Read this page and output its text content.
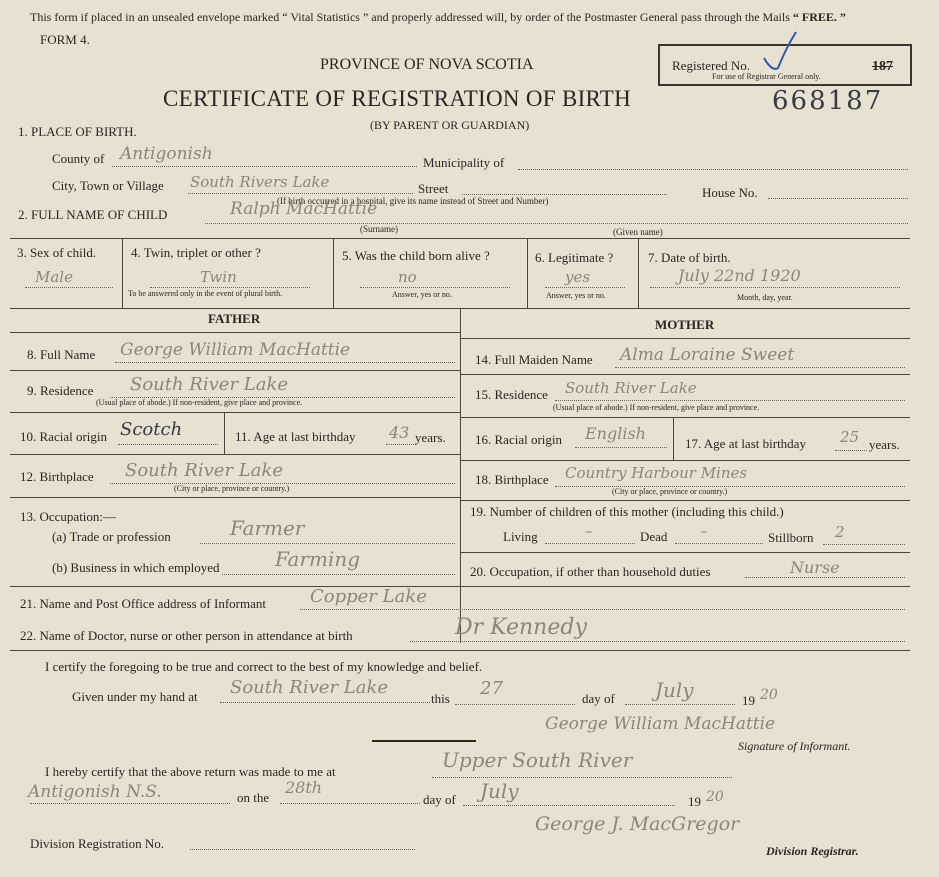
This form if placed in an unsealed envelope marked “ Vital Statistics ” and properly addressed will, by order of the Postmaster General pass through the Mails “ FREE. ”
FORM 4.
PROVINCE OF NOVA SCOTIA
CERTIFICATE OF REGISTRATION OF BIRTH
(BY PARENT OR GUARDIAN)
Registered No.
For use of Registrar General only.
187
668187
1. PLACE OF BIRTH.
County of Antigonish	Municipality of
City, Town or Village South Rivers Lake	Street
(If birth occurred in a hospital, give its name instead of Street and Number)
House No.
2. FULL NAME OF CHILD	Ralph MacHattie
(Surname)	(Given name)
3. Sex of child.
Male
4. Twin, triplet or other ?
Twin
To be answered only in the event of plural birth.
5. Was the child born alive ?
no
Answer, yes or no.
6. Legitimate ?
yes
Answer, yes or no.
7. Date of birth.
July 22nd 1920
Month, day, year.
FATHER	MOTHER
8. Full Name George William MacHattie
9. Residence South River Lake
(Usual place of abode.) If non-resident, give place and province.
10. Racial origin Scotch	11. Age at last birthday 43 years.
12. Birthplace South River Lake
(City or place, province or country.)
13. Occupation:—
(a) Trade or profession	Farmer
(b) Business in which employed	Farming
14. Full Maiden Name Alma Loraine Sweet
15. Residence South River Lake
(Usual place of abode.) If non-resident, give place and province.
16. Racial origin English
17. Age at last birthday 25 years.
18. Birthplace Country Harbour Mines
(City or place, province or country.)
19. Number of children of this mother (including this child.)
Living	–	Dead –	Stillborn 2
20. Occupation, if other than household duties	Nurse
21. Name and Post Office address of Informant Copper Lake
22. Name of Doctor, nurse or other person in attendance at birth	Dr Kennedy
I certify the foregoing to be true and correct to the best of my knowledge and belief.
Given under my hand at South River Lake
this 27	day of July	19 20
George William MacHattie
Signature of Informant.
I hereby certify that the above return was made to me at	Upper South River
Antigonish N.S.	on the
28th
day of July	19 20
George J. MacGregor
Division Registrar.
Division Registration No.
